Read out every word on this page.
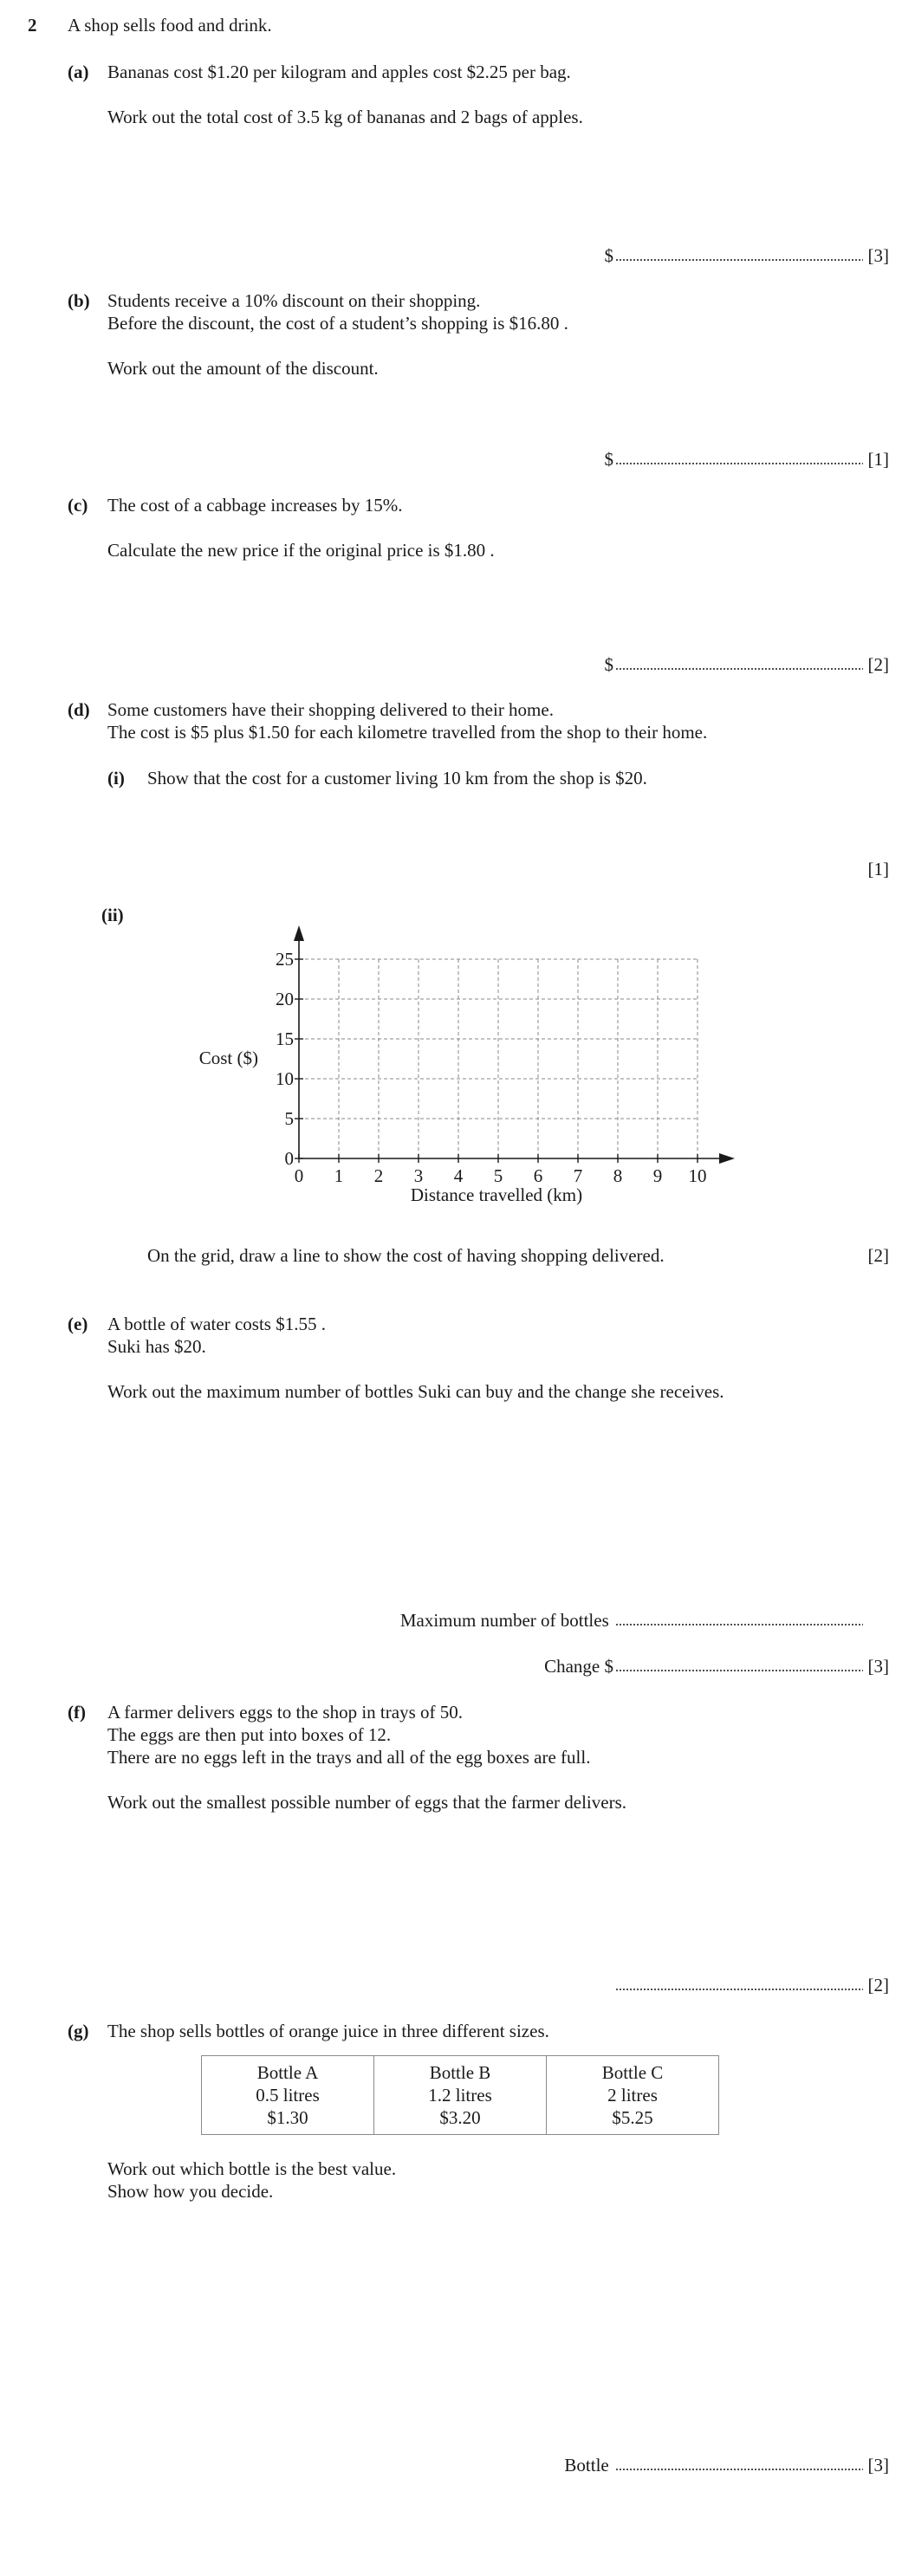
2 A shop sells food and drink.
(a) Bananas cost $1.20 per kilogram and apples cost $2.25 per bag.
Work out the total cost of 3.5 kg of bananas and 2 bags of apples.
$	[3]
(b) Students receive a 10% discount on their shopping.
Before the discount, the cost of a student’s shopping is $16.80 .
Work out the amount of the discount.
$	[1]
(c) The cost of a cabbage increases by 15%.
Calculate the new price if the original price is $1.80 .
$	[2]
(d) Some customers have their shopping delivered to their home.
The cost is $5 plus $1.50 for each kilometre travelled from the shop to their home.
(i) Show that the cost for a customer living 10 km from the shop is $20.
[1]
(ii)
0 1 2 3 4 5 6 7 8 9 10
0
5
10
15
20
25
Distance travelled (km)
Cost ($)
On the grid, draw a line to show the cost of having shopping delivered.	[2]
(e) A bottle of water costs $1.55 .
Suki has $20.
Work out the maximum number of bottles Suki can buy and the change she receives.
Maximum number of bottles
Change $	[3]
(f) A farmer delivers eggs to the shop in trays of 50.
The eggs are then put into boxes of 12.
There are no eggs left in the trays and all of the egg boxes are full.
Work out the smallest possible number of eggs that the farmer delivers.
[2]
(g) The shop sells bottles of orange juice in three different sizes.
Bottle A
0.5 litres
$1.30

Bottle B
1.2 litres
$3.20

Bottle C
2 litres
$5.25
Work out which bottle is the best value.
Show how you decide.
Bottle	[3]
